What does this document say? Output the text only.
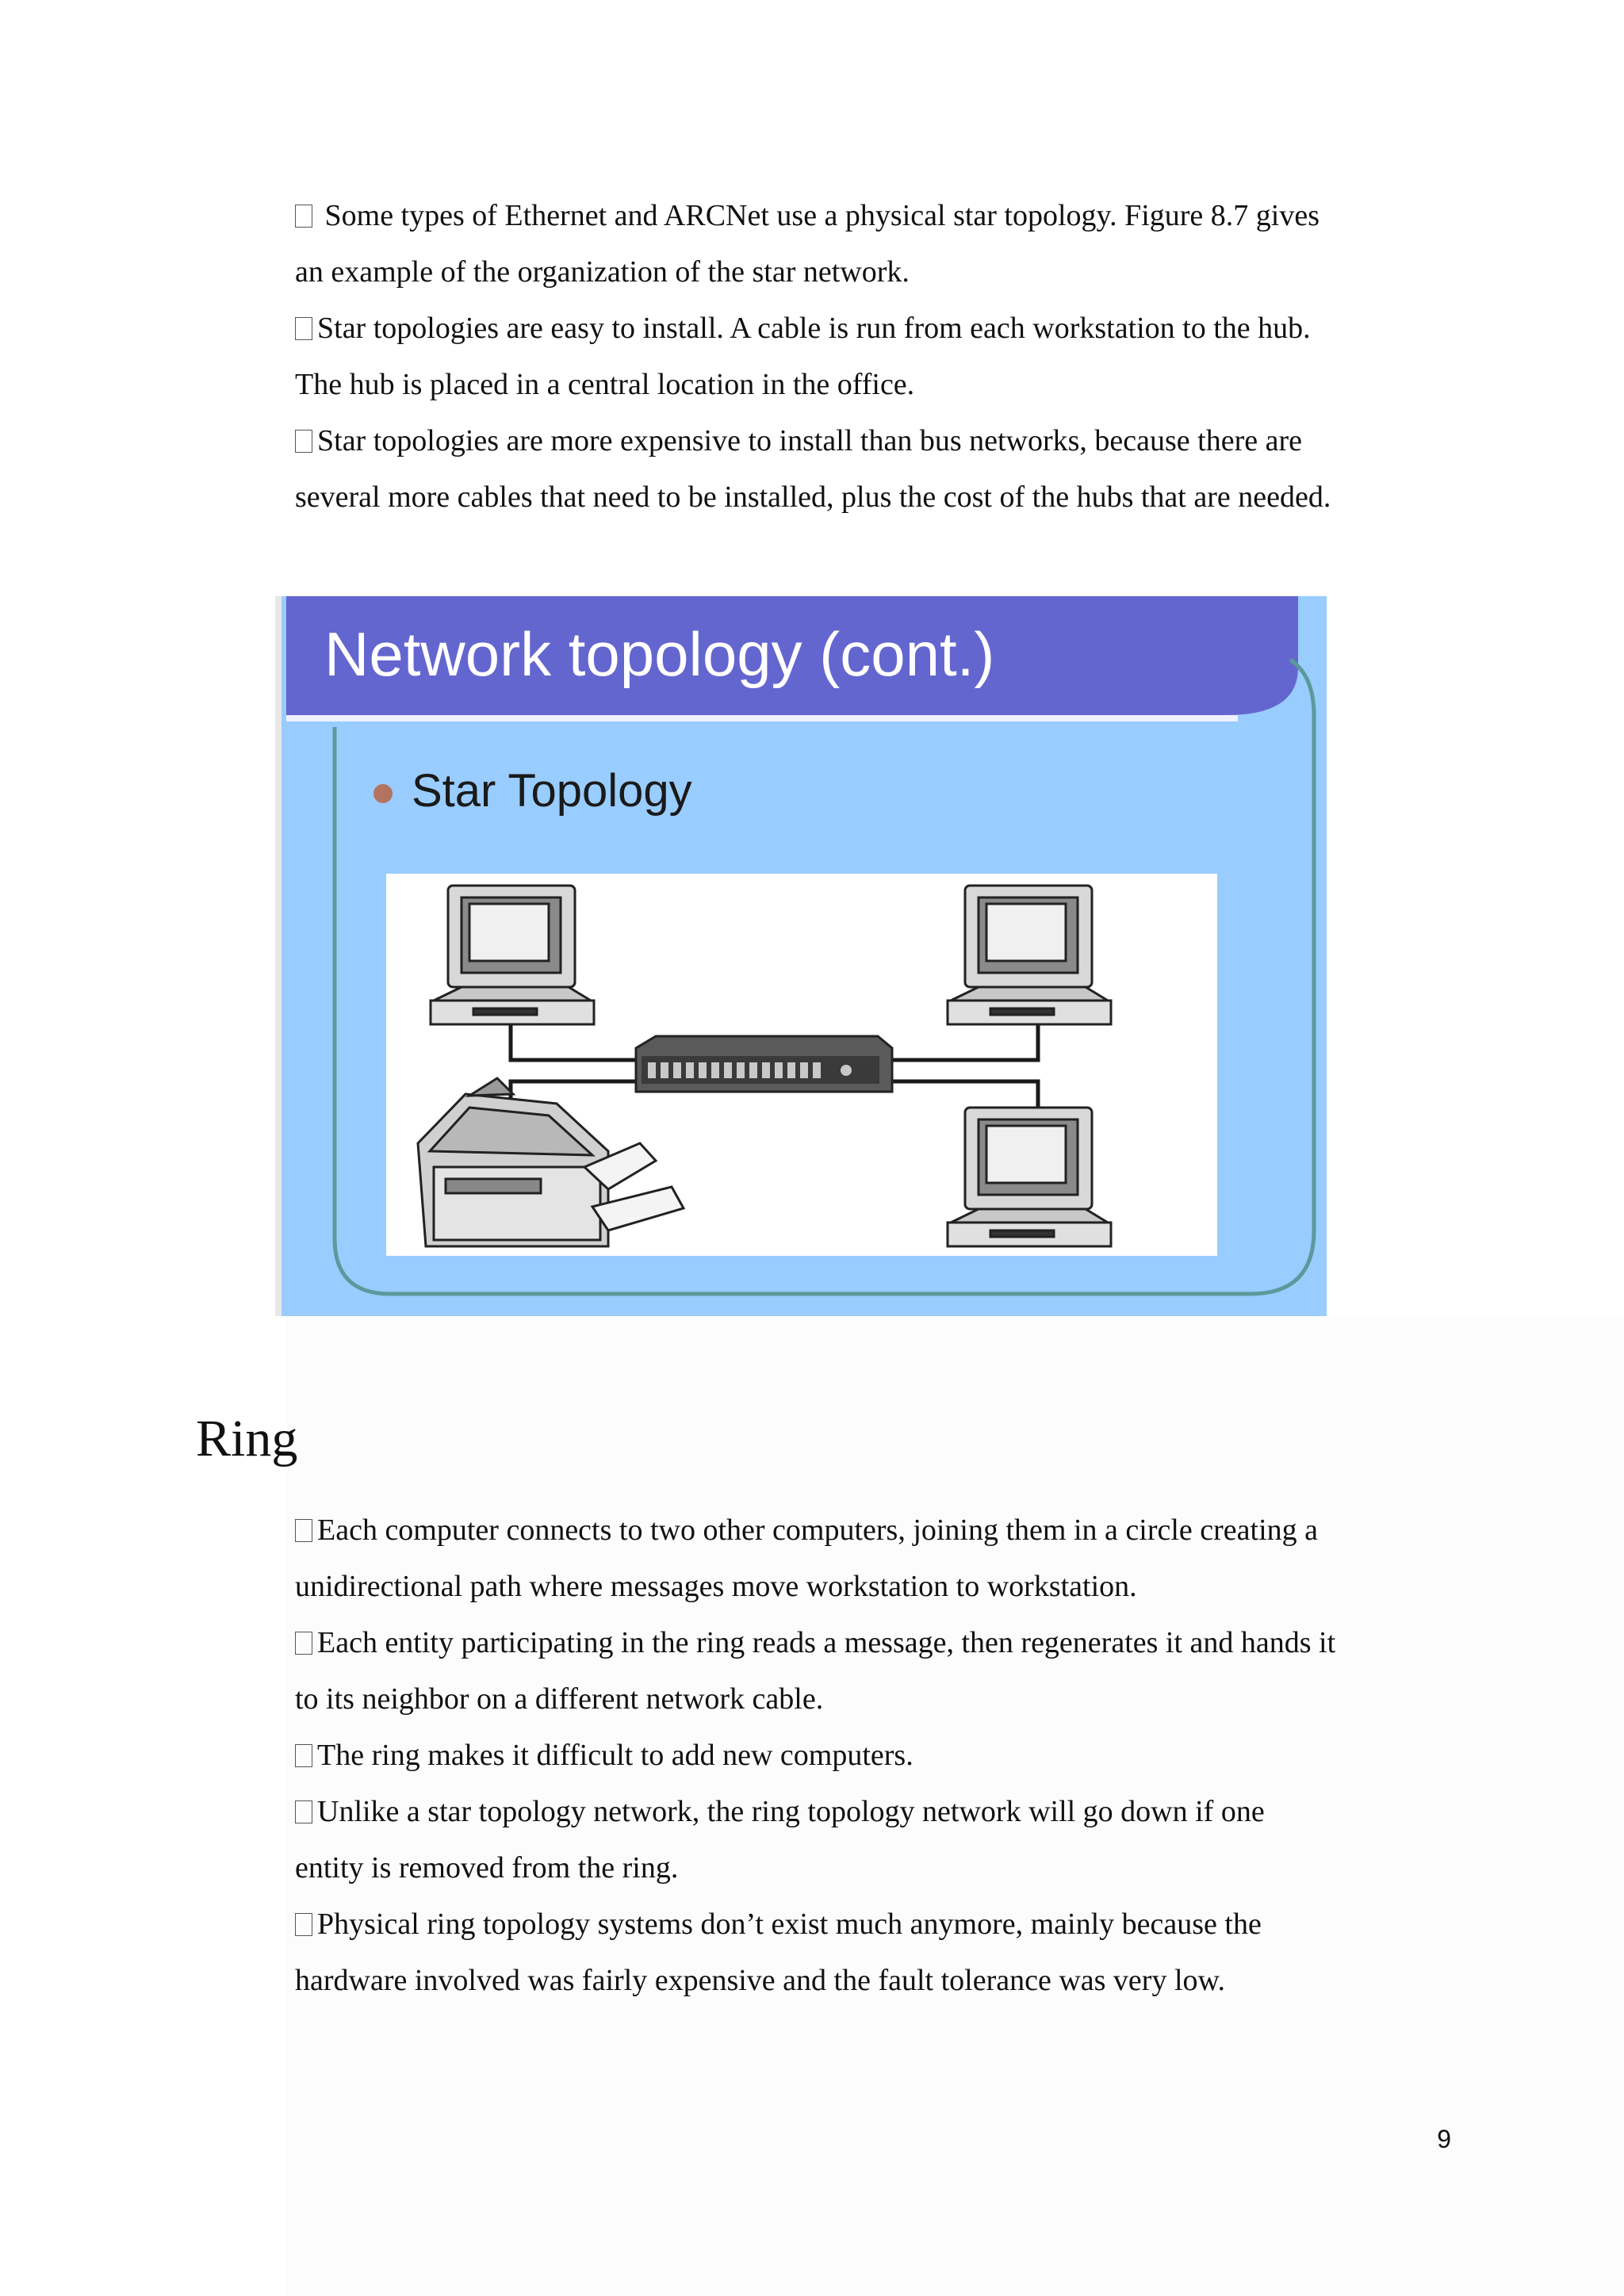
Some types of Ethernet and ARCNet use a physical star topology. Figure 8.7 gives
an example of the organization of the star network.

Star topologies are easy to install. A cable is run from each workstation to the hub.
The hub is placed in a central location in the office.

Star topologies are more expensive to install than bus networks, because there are
several more cables that need to be installed, plus the cost of the hubs that are needed.

Network topology (cont.)
Star Topology
Ring

Each computer connects to two other computers, joining them in a circle creating a
unidirectional path where messages move workstation to workstation.

Each entity participating in the ring reads a message, then regenerates it and hands it
to its neighbor on a different network cable.

The ring makes it difficult to add new computers.

Unlike a star topology network, the ring topology network will go down if one
entity is removed from the ring.

Physical ring topology systems don’t exist much anymore, mainly because the
hardware involved was fairly expensive and the fault tolerance was very low.

9
